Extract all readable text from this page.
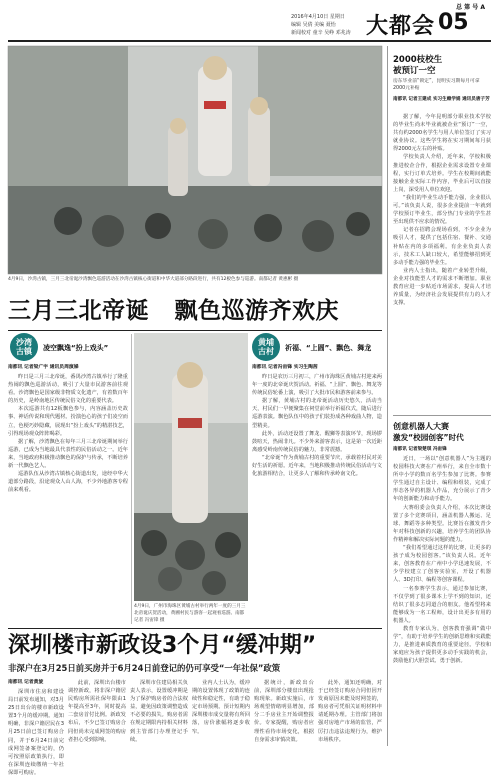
总 第 号 A
2016年4月10日 星期日
编辑 吴倩 美编 聂怡
新闻校对 童辛 吴峥 邓兆涛 大都会 05
4月9日，沙湾古镇，三月三北帝诞沙湾飘色巡游活动在沙湾古镇核心街道和中华大道部分路段进行，共有12板色参与巡游。南都记者 黄惠彬 摄
三月三北帝诞   飘色巡游齐欢庆
沙湾古镇	凌空飘逸“扮上戏头”
南都讯 记者梁广宇 通讯员周演娣

昨日是三月三北帝诞，番禺沙湾古镇举行了隆重热闹的飘色巡游活动，吸引了大量市民游客前往观看。沙湾飘色是国家级非物质文化遗产，有着数百年的历史，是岭南地区传统民俗文化的重要代表。

本次巡游共有12板飘色参与，内容涵盖历史故事、神话传说和现代题材。扮演色心的孩子们凌空而立，色梗巧妙隐藏，展现出“扮上戏头”的精湛技艺，引得现场观众阵阵喝彩。

据了解，沙湾飘色在每年三月三北帝诞期间举行巡游，已成为当地最具代表性的民俗活动之一。近年来，当地政府积极推动飘色的保护与传承，不断培养新一代飘色艺人。

巡游队伍从沙湾古镇核心街道出发，途经中华大道部分路段，沿途观众人山人海，不少外地游客专程前来观看。

黄埔古村	祈福、“上圆”、飘色、舞龙
南都讯 记者冯宙锋 实习生陶茜

昨日是农历三月初三，广州市海珠区黄埔古村迎来两年一度的北帝诞庆贺活动。祈福、“上圆”、飘色、舞龙等传统民俗轮番上演，吸引了大批市民和游客前来参与。

据了解，黄埔古村的北帝诞活动历史悠久，活动当天，村民们一早便聚集在祠堂前举行祈福仪式，随后进行巡游表演。飘色队伍中的孩子们装扮成各种戏曲人物，造型精美。

此外，活动还设置了舞龙、醒狮等表演环节，现场锣鼓喧天，热闹非凡。不少外来游客表示，这是第一次近距离感受岭南传统民俗的魅力，非常震撼。

“北帝诞”作为黄埔古村的重要节庆，承载着村民对美好生活的祈愿。近年来，当地积极推动传统民俗活动与文化旅游相结合，让更多人了解和传承岭南文化。

4月9日，广州市海珠区黄埔古村举行两年一度的三月三北帝诞庆贺活动，黄圃村民与游客一起观看巡游。南都记者 冯宙锋 摄
深圳楼市新政设3个月“缓冲期”
非深户在3月25日前买房并于6月24日前登记的仍可享受“一年社保”政策
南都讯 记者黄旋

深圳市住房和建设局日前发布通知，对3月25日出台的楼市新政设置3个月的缓冲期。通知明确，非深户籍居民在3月25日前已签订购房合同，并于6月24日前完成网签备案登记的，仍可按照原政策执行，即在深圳连续缴纳一年社保即可购房。

此前，深圳出台楼市调控新政，将非深户籍居民购房所需社保年限由1年提高至3年，同时提高二套房首付比例。新政发布后，不少已签订购房合同但尚未完成网签的购房者担心受到影响。

深圳市住建局相关负责人表示，设置缓冲期是为了保护购房者的合法权益，避免因政策调整造成不必要的损失。购房者需在规定期限内持相关材料到主管部门办理登记手续。

业内人士认为，缓冲期的设置体现了政策的连续性和稳定性，有助于稳定市场预期。预计短期内深圳楼市成交量将有所回落，房价涨幅将逐步收窄。

据统计，新政出台前，深圳部分楼盘出现抢购现象。新政实施后，市场观望情绪明显增加，部分二手房业主开始调整报价。专家提醒，购房者应理性看待市场变化，根据自身需求审慎决策。

此外，通知还明确，对于已经签订购房合同但因开发商原因未能及时网签的，购房者可凭相关证明材料申请延期办理。主管部门将加强对房地产市场的监管，严厉打击违法违规行为，维护市场秩序。

2000枝校生
被预订一空
房东毕业前“锁定”，昆明实习期每月可拿2000元补贴
南都讯 记者王建成 实习生赖学娟 通讯员唐子芳

据了解，今年昆明部分职业技术学校的毕业生尚未毕业就被企业“预订”一空，共有约2000名学生与用人单位签订了实习就业协议。这些学生将在实习期间每月获得2000元左右的补贴。

学校负责人介绍，近年来，学校积极推进校企合作，根据企业需求设置专业课程，实行订单式培养。学生在校期间就能接触企业实际工作内容，毕业后可以直接上岗，深受用人单位欢迎。

“我们的毕业生动手能力强，企业很认可。”该负责人说，很多企业提前一年就到学校预订毕业生，部分热门专业的学生甚至出现供不应求的情况。

记者在招聘会现场看到，不少企业为吸引人才，提供了包括住宿、餐补、交通补贴在内的多项福利。有企业负责人表示，技术工人缺口较大，希望能够招到更多动手能力强的毕业生。

业内人士指出，随着产业转型升级，企业对技能型人才的需求不断增加。职业教育应进一步贴近市场需求，提高人才培养质量，为经济社会发展提供有力的人才支撑。

创意机器人大赛
激发“校园创客”时代
南都讯 记者梁楚琪 冯宙锋

近日，一场以“创意机器人”为主题的校园科技大赛在广州举行，来自全市数十所中小学的数百名学生参加了比赛。参赛学生通过自主设计、编程和组装，完成了形态各异的机器人作品，充分展示了青少年的创新能力和动手能力。

大赛组委会负责人介绍，本次比赛设置了多个竞赛项目，涵盖机器人搬运、足球、舞蹈等多种类型。比赛旨在激发青少年对科技创新的兴趣，培养学生的团队协作精神和解决实际问题的能力。

“我们希望通过这样的比赛，让更多的孩子成为校园创客。”该负责人说。近年来，创客教育在广州中小学迅速发展，不少学校建立了创客实验室，开设了机器人、3D打印、编程等创客课程。

一名参赛学生表示，通过参加比赛，不仅学到了很多课本上学不到的知识，还结识了很多志同道合的朋友。他希望将来能够成为一名工程师，设计出更多有用的机器人。

教育专家认为，创客教育强调“做中学”，有助于培养学生的创新思维和实践能力，是推进素质教育的重要途径。学校和家庭应为孩子提供更多动手实践的机会，鼓励他们大胆尝试、勇于创新。
